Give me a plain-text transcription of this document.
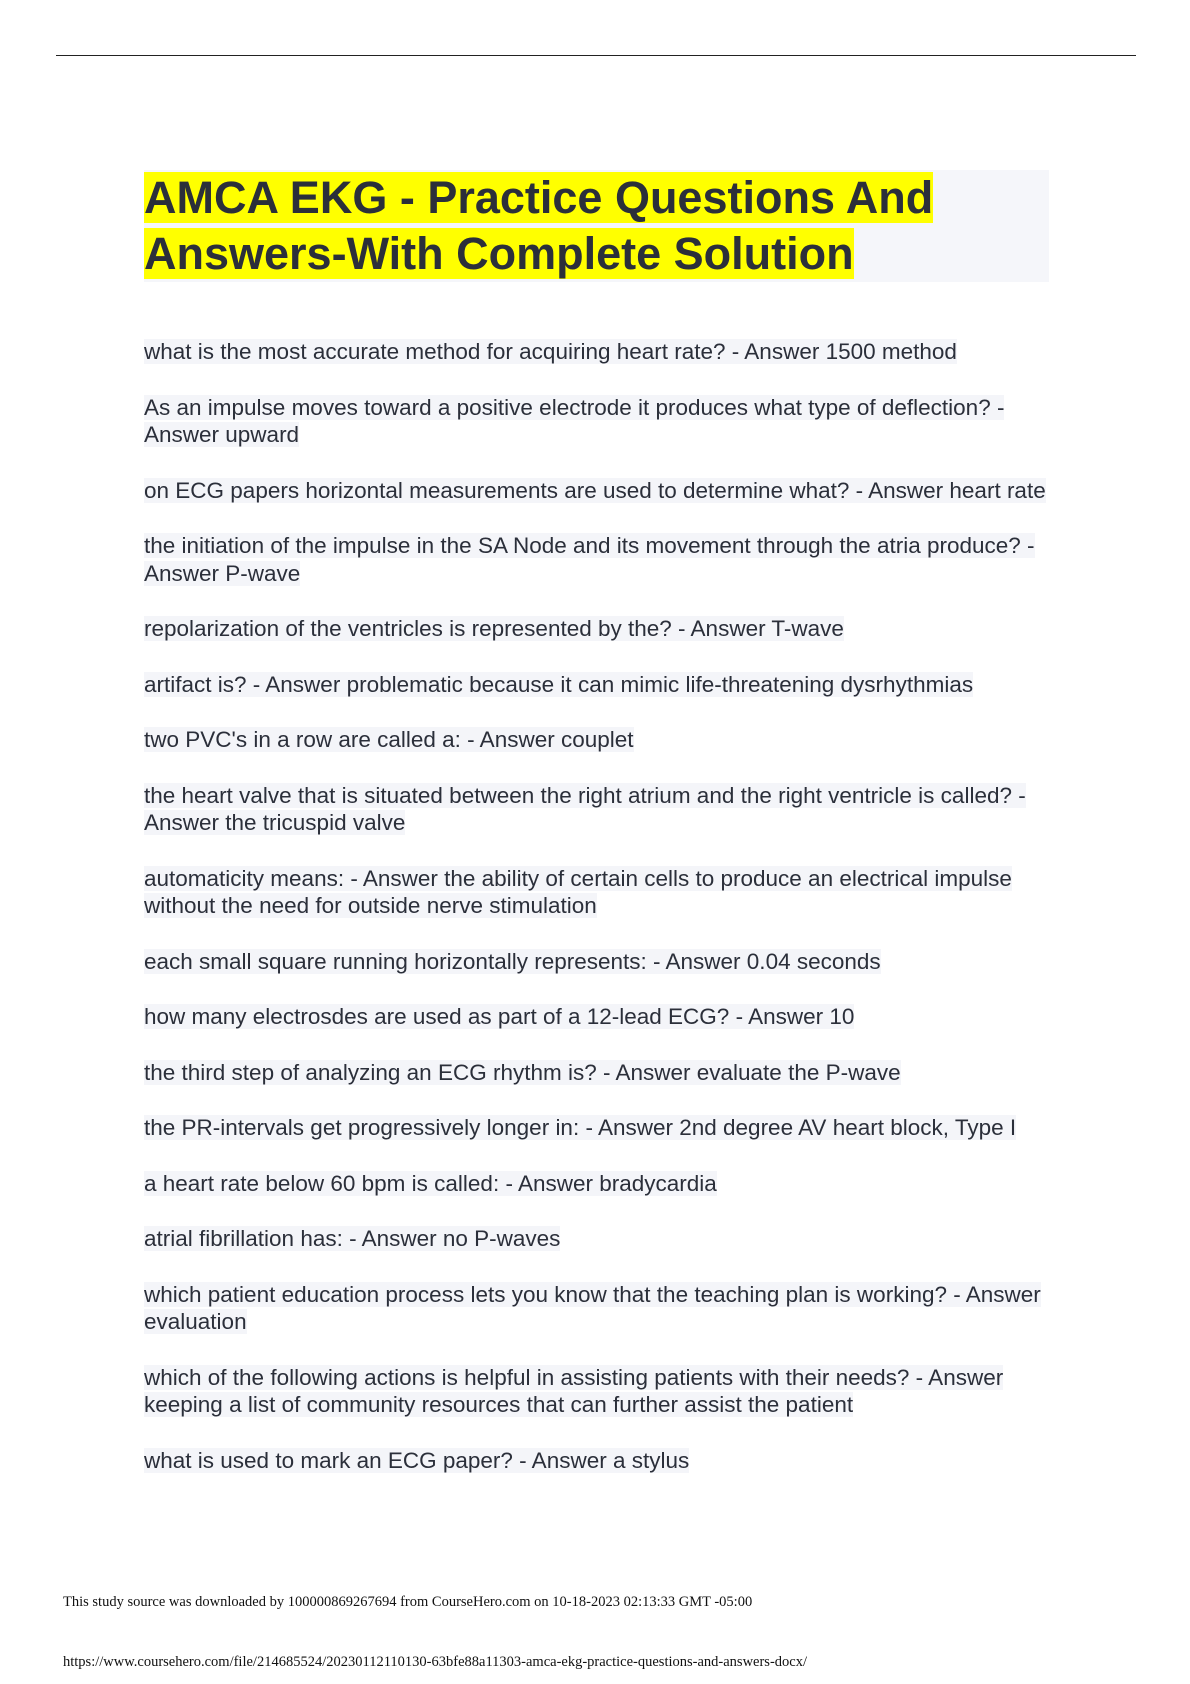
AMCA EKG - Practice Questions And
Answers-With Complete Solution
what is the most accurate method for acquiring heart rate? - Answer 1500 method
As an impulse moves toward a positive electrode it produces what type of deflection? - Answer upward
on ECG papers horizontal measurements are used to determine what? - Answer heart rate
the initiation of the impulse in the SA Node and its movement through the atria produce? - Answer P-wave
repolarization of the ventricles is represented by the? - Answer T-wave
artifact is? - Answer problematic because it can mimic life-threatening dysrhythmias
two PVC's in a row are called a: - Answer couplet
the heart valve that is situated between the right atrium and the right ventricle is called? - Answer the tricuspid valve
automaticity means: - Answer the ability of certain cells to produce an electrical impulse without the need for outside nerve stimulation
each small square running horizontally represents: - Answer 0.04 seconds
how many electrosdes are used as part of a 12-lead ECG? - Answer 10
the third step of analyzing an ECG rhythm is? - Answer evaluate the P-wave
the PR-intervals get progressively longer in: - Answer 2nd degree AV heart block, Type I
a heart rate below 60 bpm is called: - Answer bradycardia
atrial fibrillation has: - Answer no P-waves
which patient education process lets you know that the teaching plan is working? - Answer evaluation
which of the following actions is helpful in assisting patients with their needs? - Answer keeping a list of community resources that can further assist the patient
what is used to mark an ECG paper? - Answer a stylus
This study source was downloaded by 100000869267694 from CourseHero.com on 10-18-2023 02:13:33 GMT -05:00
https://www.coursehero.com/file/214685524/20230112110130-63bfe88a11303-amca-ekg-practice-questions-and-answers-docx/
